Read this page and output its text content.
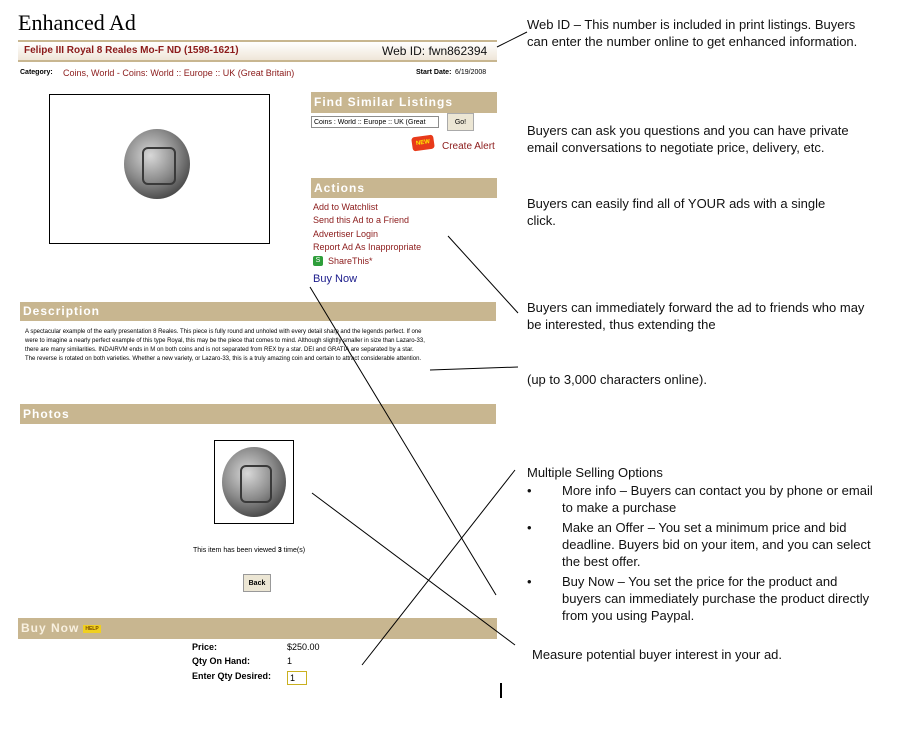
Enhanced Ad
Felipe III Royal 8 Reales Mo-F ND (1598-1621)	Web ID: fwn862394
Category: Coins, World - Coins: World :: Europe :: UK (Great Britain)	Start Date: 6/19/2008
Find Similar Listings
Coins : World :: Europe :: UK (Great
Go!
NEW	Create Alert
Actions
Add to Watchlist
Send this Ad to a Friend
Advertiser Login
Report Ad As Inappropriate
S ShareThis*
Buy Now
Description
A spectacular example of the early presentation 8 Reales. This piece is fully round and unholed with every detail sharp and the legends perfect. If one were to imagine a nearly perfect example of this type Royal, this may be the piece that comes to mind. Although slightly smaller in size than Lazaro-33, there are many similarities. INDAIRVM ends in M on both coins and is not separated from REX by a star. DEI and GRATIA are separated by a star. The reverse is rotated on both varieties. Whether a new variety, or Lazaro-33, this is a truly amazing coin and certain to attract considerable attention.
Photos
This item has been viewed 3 time(s)
Back
Buy Now	HELP
Price:	$250.00
Qty On Hand:	1
Enter Qty Desired:
1
Web ID – This number is included in print listings. Buyers can enter the number online to get enhanced information.
Buyers can ask you questions and you can have private email conversations to negotiate price, delivery, etc.
Buyers can easily find all of YOUR ads with a single click.
Buyers can immediately forward the ad to friends who may be interested, thus extending the
(up to 3,000 characters online).
Multiple Selling Options
• More info – Buyers can contact you by phone or email to make a purchase
• Make an Offer – You set a minimum price and bid deadline. Buyers bid on your item, and you can select the best offer.
• Buy Now – You set the price for the product and buyers can immediately purchase the product directly from you using Paypal.
Measure potential buyer interest in your ad.
